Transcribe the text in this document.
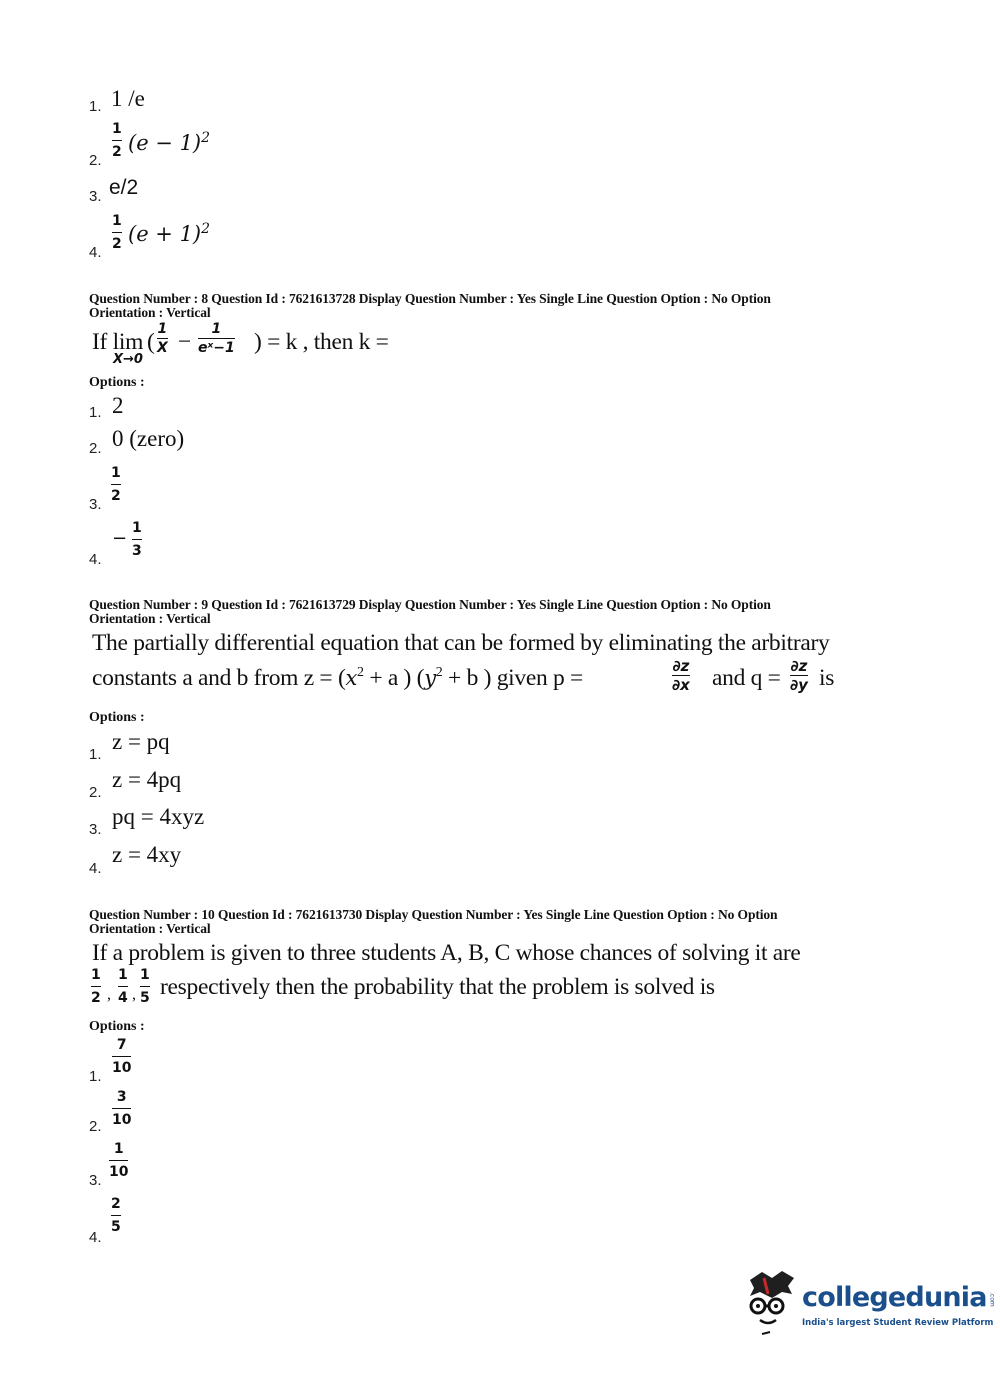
1. 1 /e
2.
1
2 $(e - 1)^2$
3. e/2
4.
1
2 $(e + 1)^2$
Question Number : 8 Question Id : 7621613728 Display Question Number : Yes Single Line Question Option : No Option
Orientation : Vertical
If lim
X→0
( 1
X − 1
eˣ−1 ) = k , then k =
Options :
1. 2
2. 0 (zero)
3.
1
2
4.
− 1
3
Question Number : 9 Question Id : 7621613729 Display Question Number : Yes Single Line Question Option : No Option
Orientation : Vertical
The partially differential equation that can be formed by eliminating the arbitrary
constants a and b from $z = (x^2 + a$ ) ($y^2 + b$ ) given p =	∂z
∂x and q = ∂z
∂y is
Options :
1.
z = pq
2.
z = 4pq
3.
pq = 4xyz
4.
z = 4xy
Question Number : 10 Question Id : 7621613730 Display Question Number : Yes Single Line Question Option : No Option
Orientation : Vertical
If a problem is given to three students A, B, C whose chances of solving it are
1
2 ,
1
4 ,
1
5 respectively then the probability that the problem is solved is
Options :
1.
7
10
2.
3
10
3.
1
10
4.
2
5
collegedunia .com
India's largest Student Review Platform
